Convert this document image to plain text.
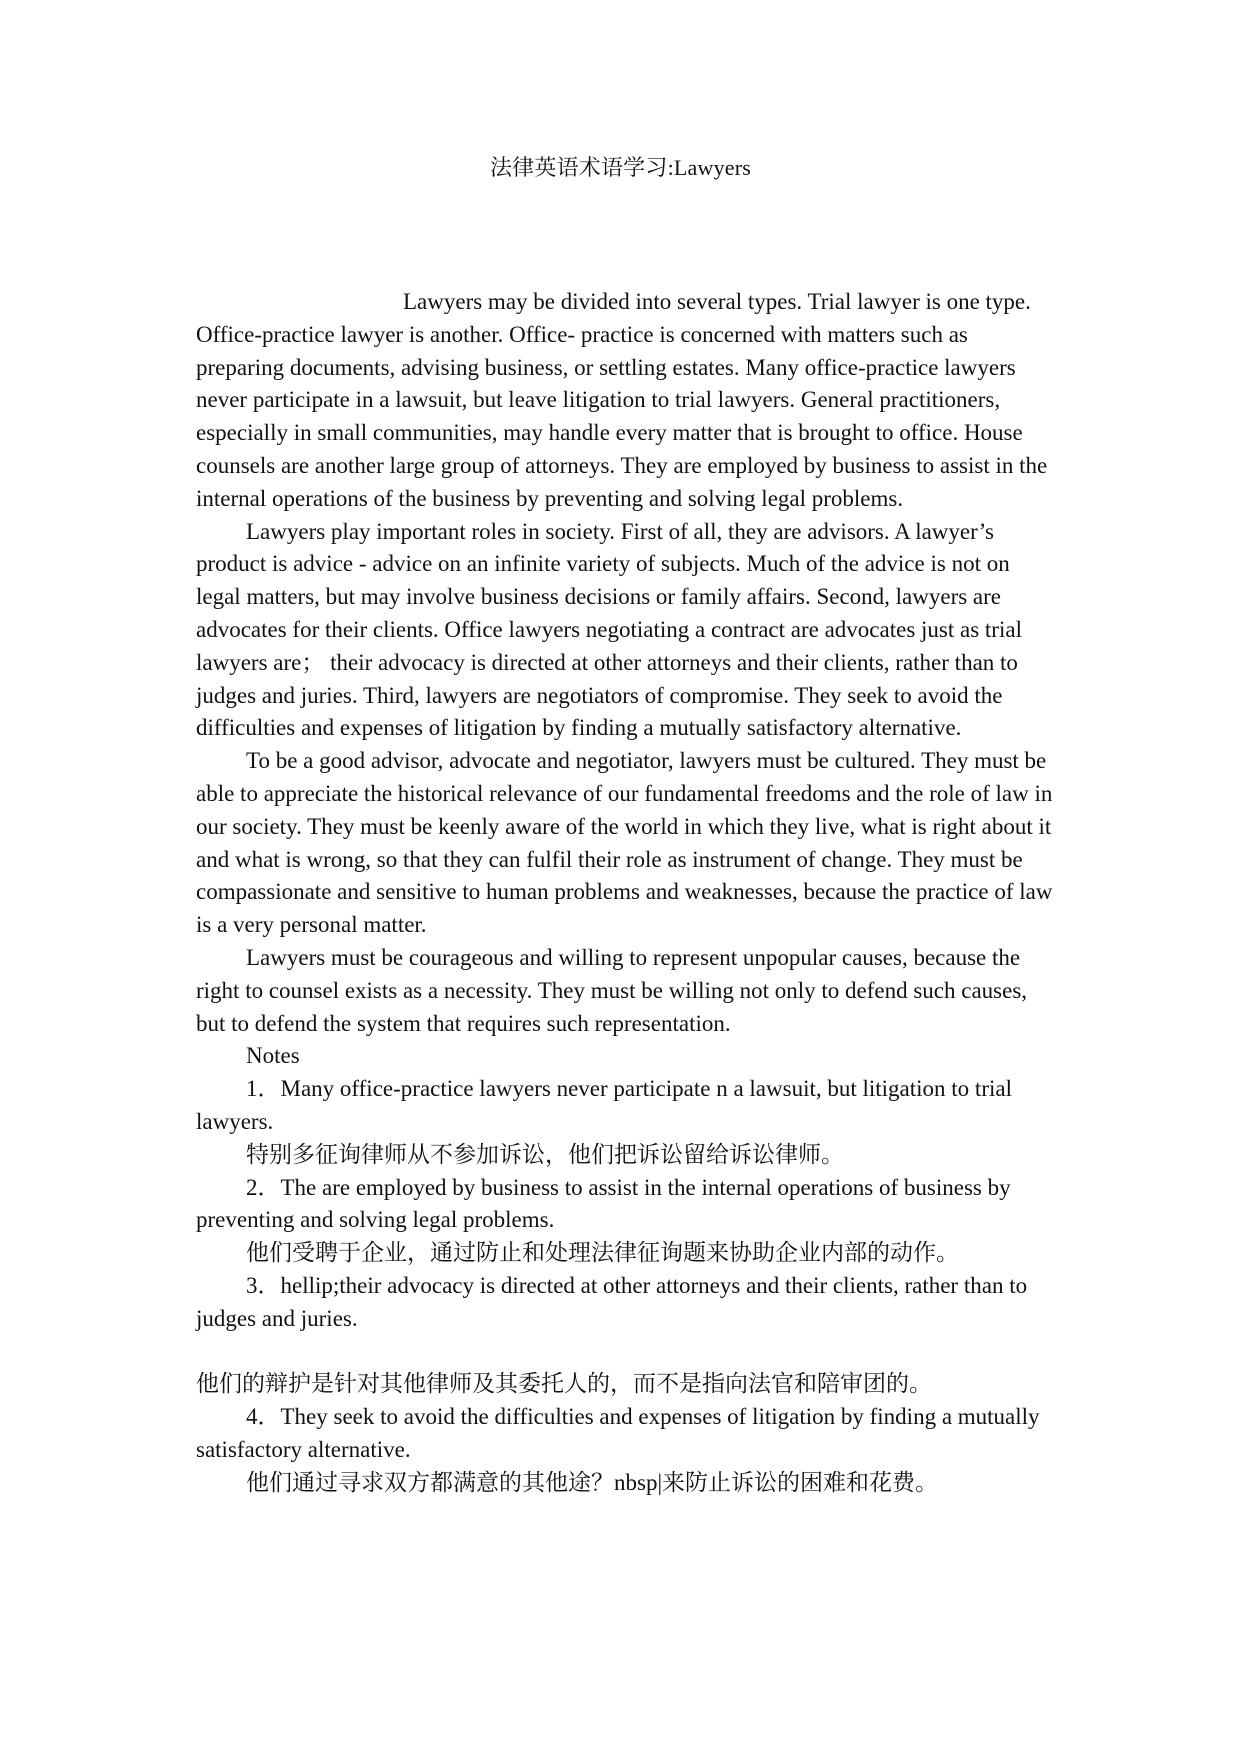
法律英语术语学习:Lawyers

Lawyers may be divided into several types. Trial lawyer is one type. Office-practice lawyer is another. Office- practice is concerned with matters such as preparing documents, advising business, or settling estates. Many office-practice lawyers never participate in a lawsuit, but leave litigation to trial lawyers. General practitioners, especially in small communities, may handle every matter that is brought to office. House counsels are another large group of attorneys. They are employed by business to assist in the internal operations of the business by preventing and solving legal problems.

Lawyers play important roles in society. First of all, they are advisors. A lawyer’s product is advice - advice on an infinite variety of subjects. Much of the advice is not on legal matters, but may involve business decisions or family affairs. Second, lawyers are advocates for their clients. Office lawyers negotiating a contract are advocates just as trial lawyers are； their advocacy is directed at other attorneys and their clients, rather than to judges and juries. Third, lawyers are negotiators of compromise. They seek to avoid the difficulties and expenses of litigation by finding a mutually satisfactory alternative.

To be a good advisor, advocate and negotiator, lawyers must be cultured. They must be able to appreciate the historical relevance of our fundamental freedoms and the role of law in our society. They must be keenly aware of the world in which they live, what is right about it and what is wrong, so that they can fulfil their role as instrument of change. They must be compassionate and sensitive to human problems and weaknesses, because the practice of law is a very personal matter.

Lawyers must be courageous and willing to represent unpopular causes, because the right to counsel exists as a necessity. They must be willing not only to defend such causes, but to defend the system that requires such representation.

Notes

1．Many office-practice lawyers never participate n a lawsuit, but litigation to trial lawyers.

特别多征询律师从不参加诉讼，他们把诉讼留给诉讼律师。

2．The are employed by business to assist in the internal operations of business by preventing and solving legal problems.

他们受聘于企业，通过防止和处理法律征询题来协助企业内部的动作。

3．hellip;their advocacy is directed at other attorneys and their clients, rather than to judges and juries.

他们的辩护是针对其他律师及其委托人的，而不是指向法官和陪审团的。

4．They seek to avoid the difficulties and expenses of litigation by finding a mutually satisfactory alternative.

他们通过寻求双方都满意的其他途？nbsp|来防止诉讼的困难和花费。
